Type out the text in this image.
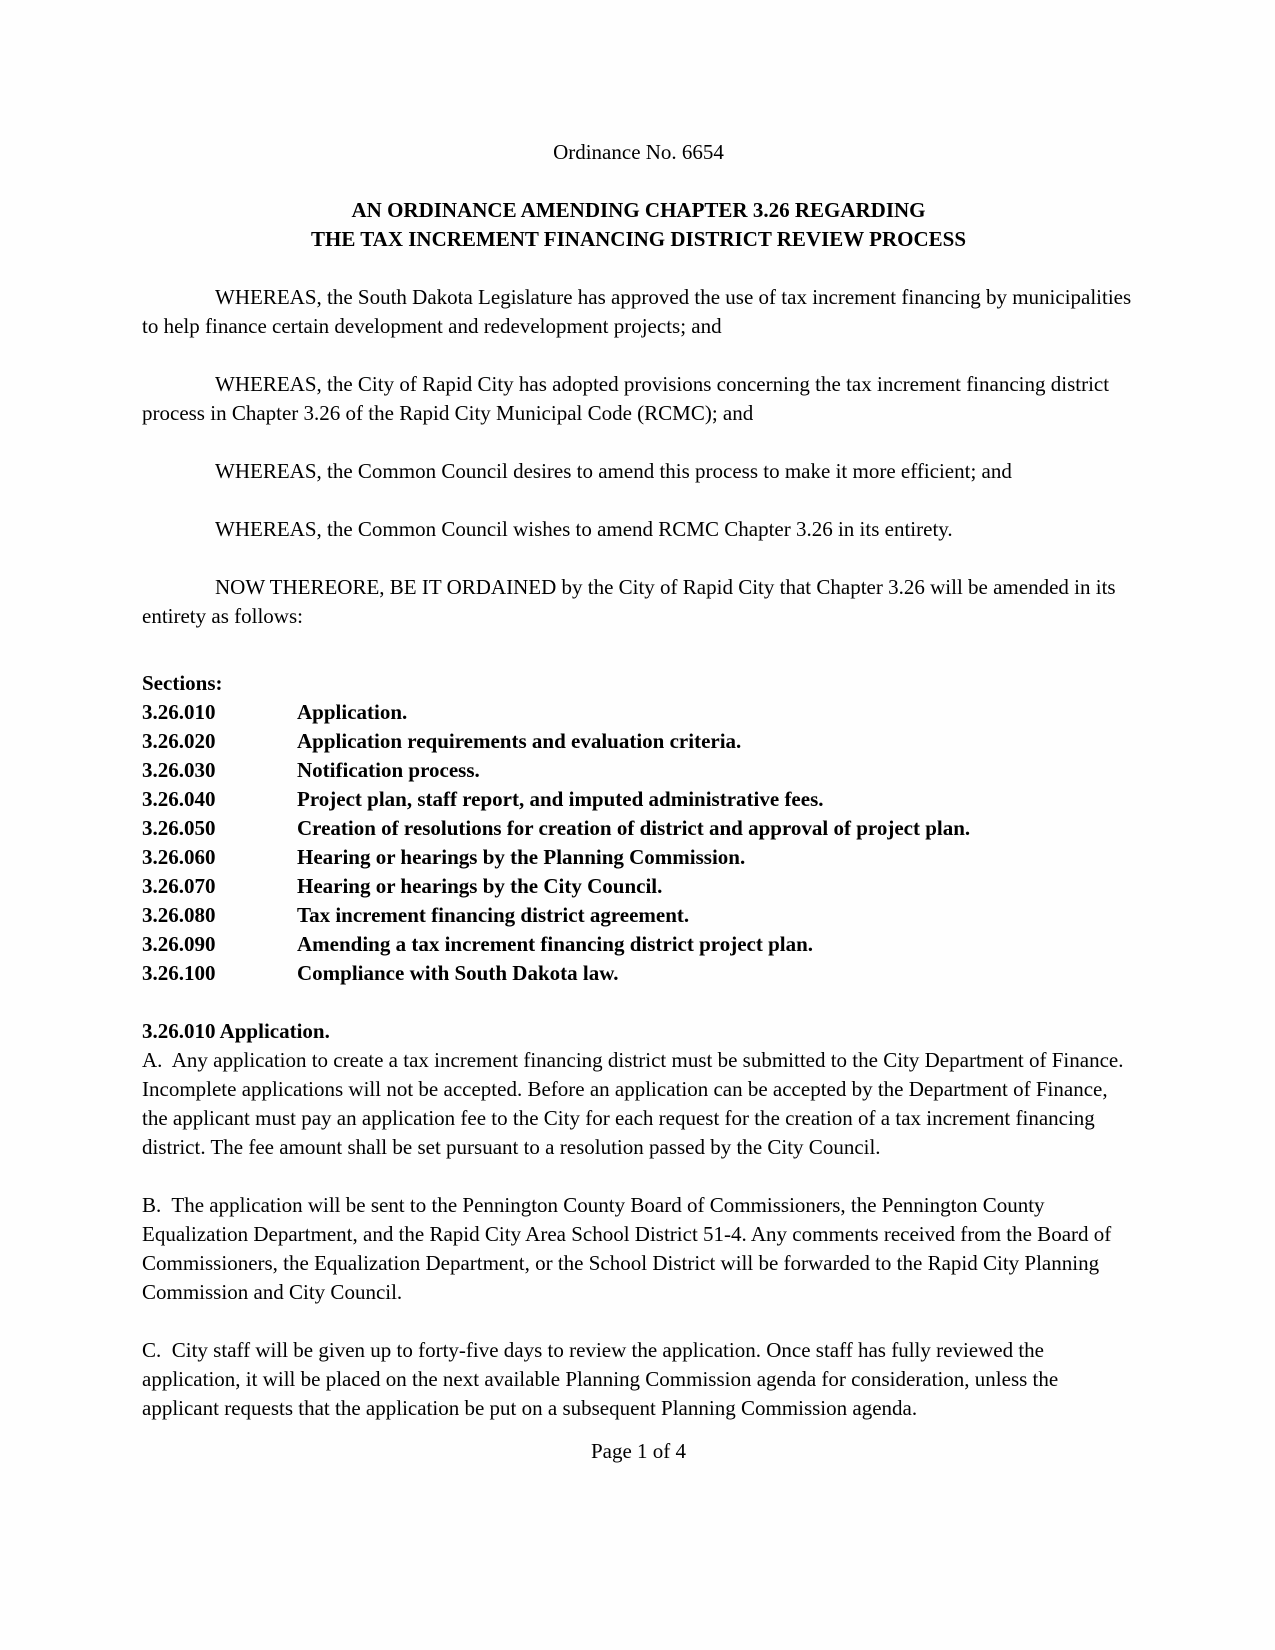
Ordinance No. 6654
AN ORDINANCE AMENDING CHAPTER 3.26 REGARDING
THE TAX INCREMENT FINANCING DISTRICT REVIEW PROCESS

WHEREAS, the South Dakota Legislature has approved the use of tax increment financing by municipalities to help finance certain development and redevelopment projects; and

WHEREAS, the City of Rapid City has adopted provisions concerning the tax increment financing district process in Chapter 3.26 of the Rapid City Municipal Code (RCMC); and

WHEREAS, the Common Council desires to amend this process to make it more efficient; and

WHEREAS, the Common Council wishes to amend RCMC Chapter 3.26 in its entirety.

NOW THEREORE, BE IT ORDAINED by the City of Rapid City that Chapter 3.26 will be amended in its entirety as follows:

Sections:
3.26.010	Application.
3.26.020	Application requirements and evaluation criteria.
3.26.030	Notification process.
3.26.040	Project plan, staff report, and imputed administrative fees.
3.26.050	Creation of resolutions for creation of district and approval of project plan.
3.26.060	Hearing or hearings by the Planning Commission.
3.26.070	Hearing or hearings by the City Council.
3.26.080	Tax increment financing district agreement.
3.26.090	Amending a tax increment financing district project plan.
3.26.100	Compliance with South Dakota law.
3.26.010 Application.

A.  Any application to create a tax increment financing district must be submitted to the City Department of Finance. Incomplete applications will not be accepted. Before an application can be accepted by the Department of Finance, the applicant must pay an application fee to the City for each request for the creation of a tax increment financing district. The fee amount shall be set pursuant to a resolution passed by the City Council.

B.  The application will be sent to the Pennington County Board of Commissioners, the Pennington County Equalization Department, and the Rapid City Area School District 51-4. Any comments received from the Board of Commissioners, the Equalization Department, or the School District will be forwarded to the Rapid City Planning Commission and City Council.

C.  City staff will be given up to forty-five days to review the application. Once staff has fully reviewed the application, it will be placed on the next available Planning Commission agenda for consideration, unless the applicant requests that the application be put on a subsequent Planning Commission agenda.

Page 1 of 4
